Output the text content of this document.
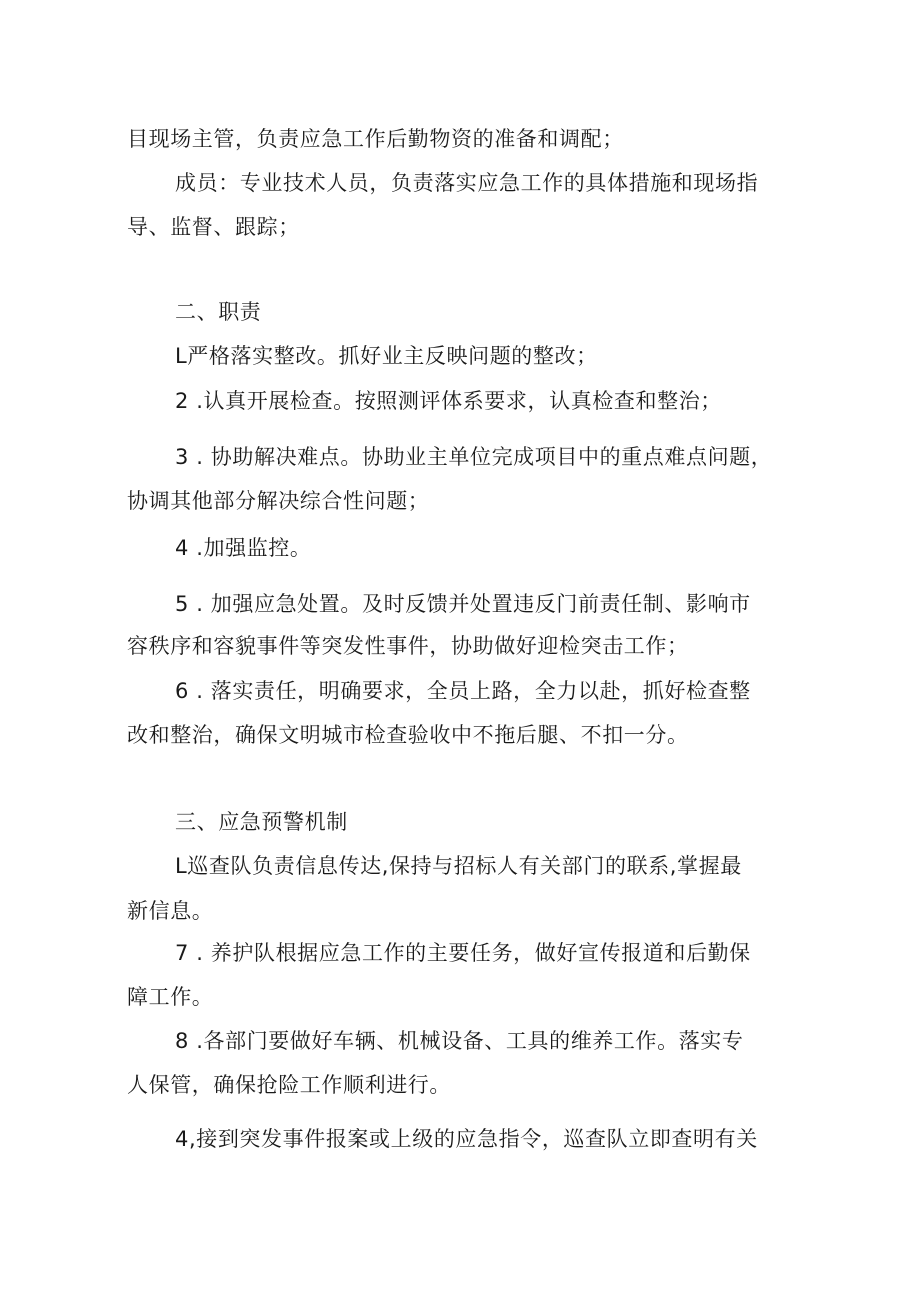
目现场主管，负责应急工作后勤物资的准备和调配；
成员：专业技术人员，负责落实应急工作的具体措施和现场指
导、监督、跟踪；
二、职责
L严格落实整改。抓好业主反映问题的整改；
2 .认真开展检查。按照测评体系要求，认真检查和整治；
3 . 协助解决难点。协助业主单位完成项目中的重点难点问题，
协调其他部分解决综合性问题；
4 .加强监控。
5 . 加强应急处置。及时反馈并处置违反门前责任制、影响市
容秩序和容貌事件等突发性事件，协助做好迎检突击工作；
6 . 落实责任，明确要求，全员上路，全力以赴，抓好检查整
改和整治，确保文明城市检查验收中不拖后腿、不扣一分。
三、应急预警机制
L巡查队负责信息传达,保持与招标人有关部门的联系,掌握最
新信息。
7 . 养护队根据应急工作的主要任务，做好宣传报道和后勤保
障工作。
8 .各部门要做好车辆、机械设备、工具的维养工作。落实专
人保管，确保抢险工作顺利进行。
4,接到突发事件报案或上级的应急指令，巡查队立即查明有关
